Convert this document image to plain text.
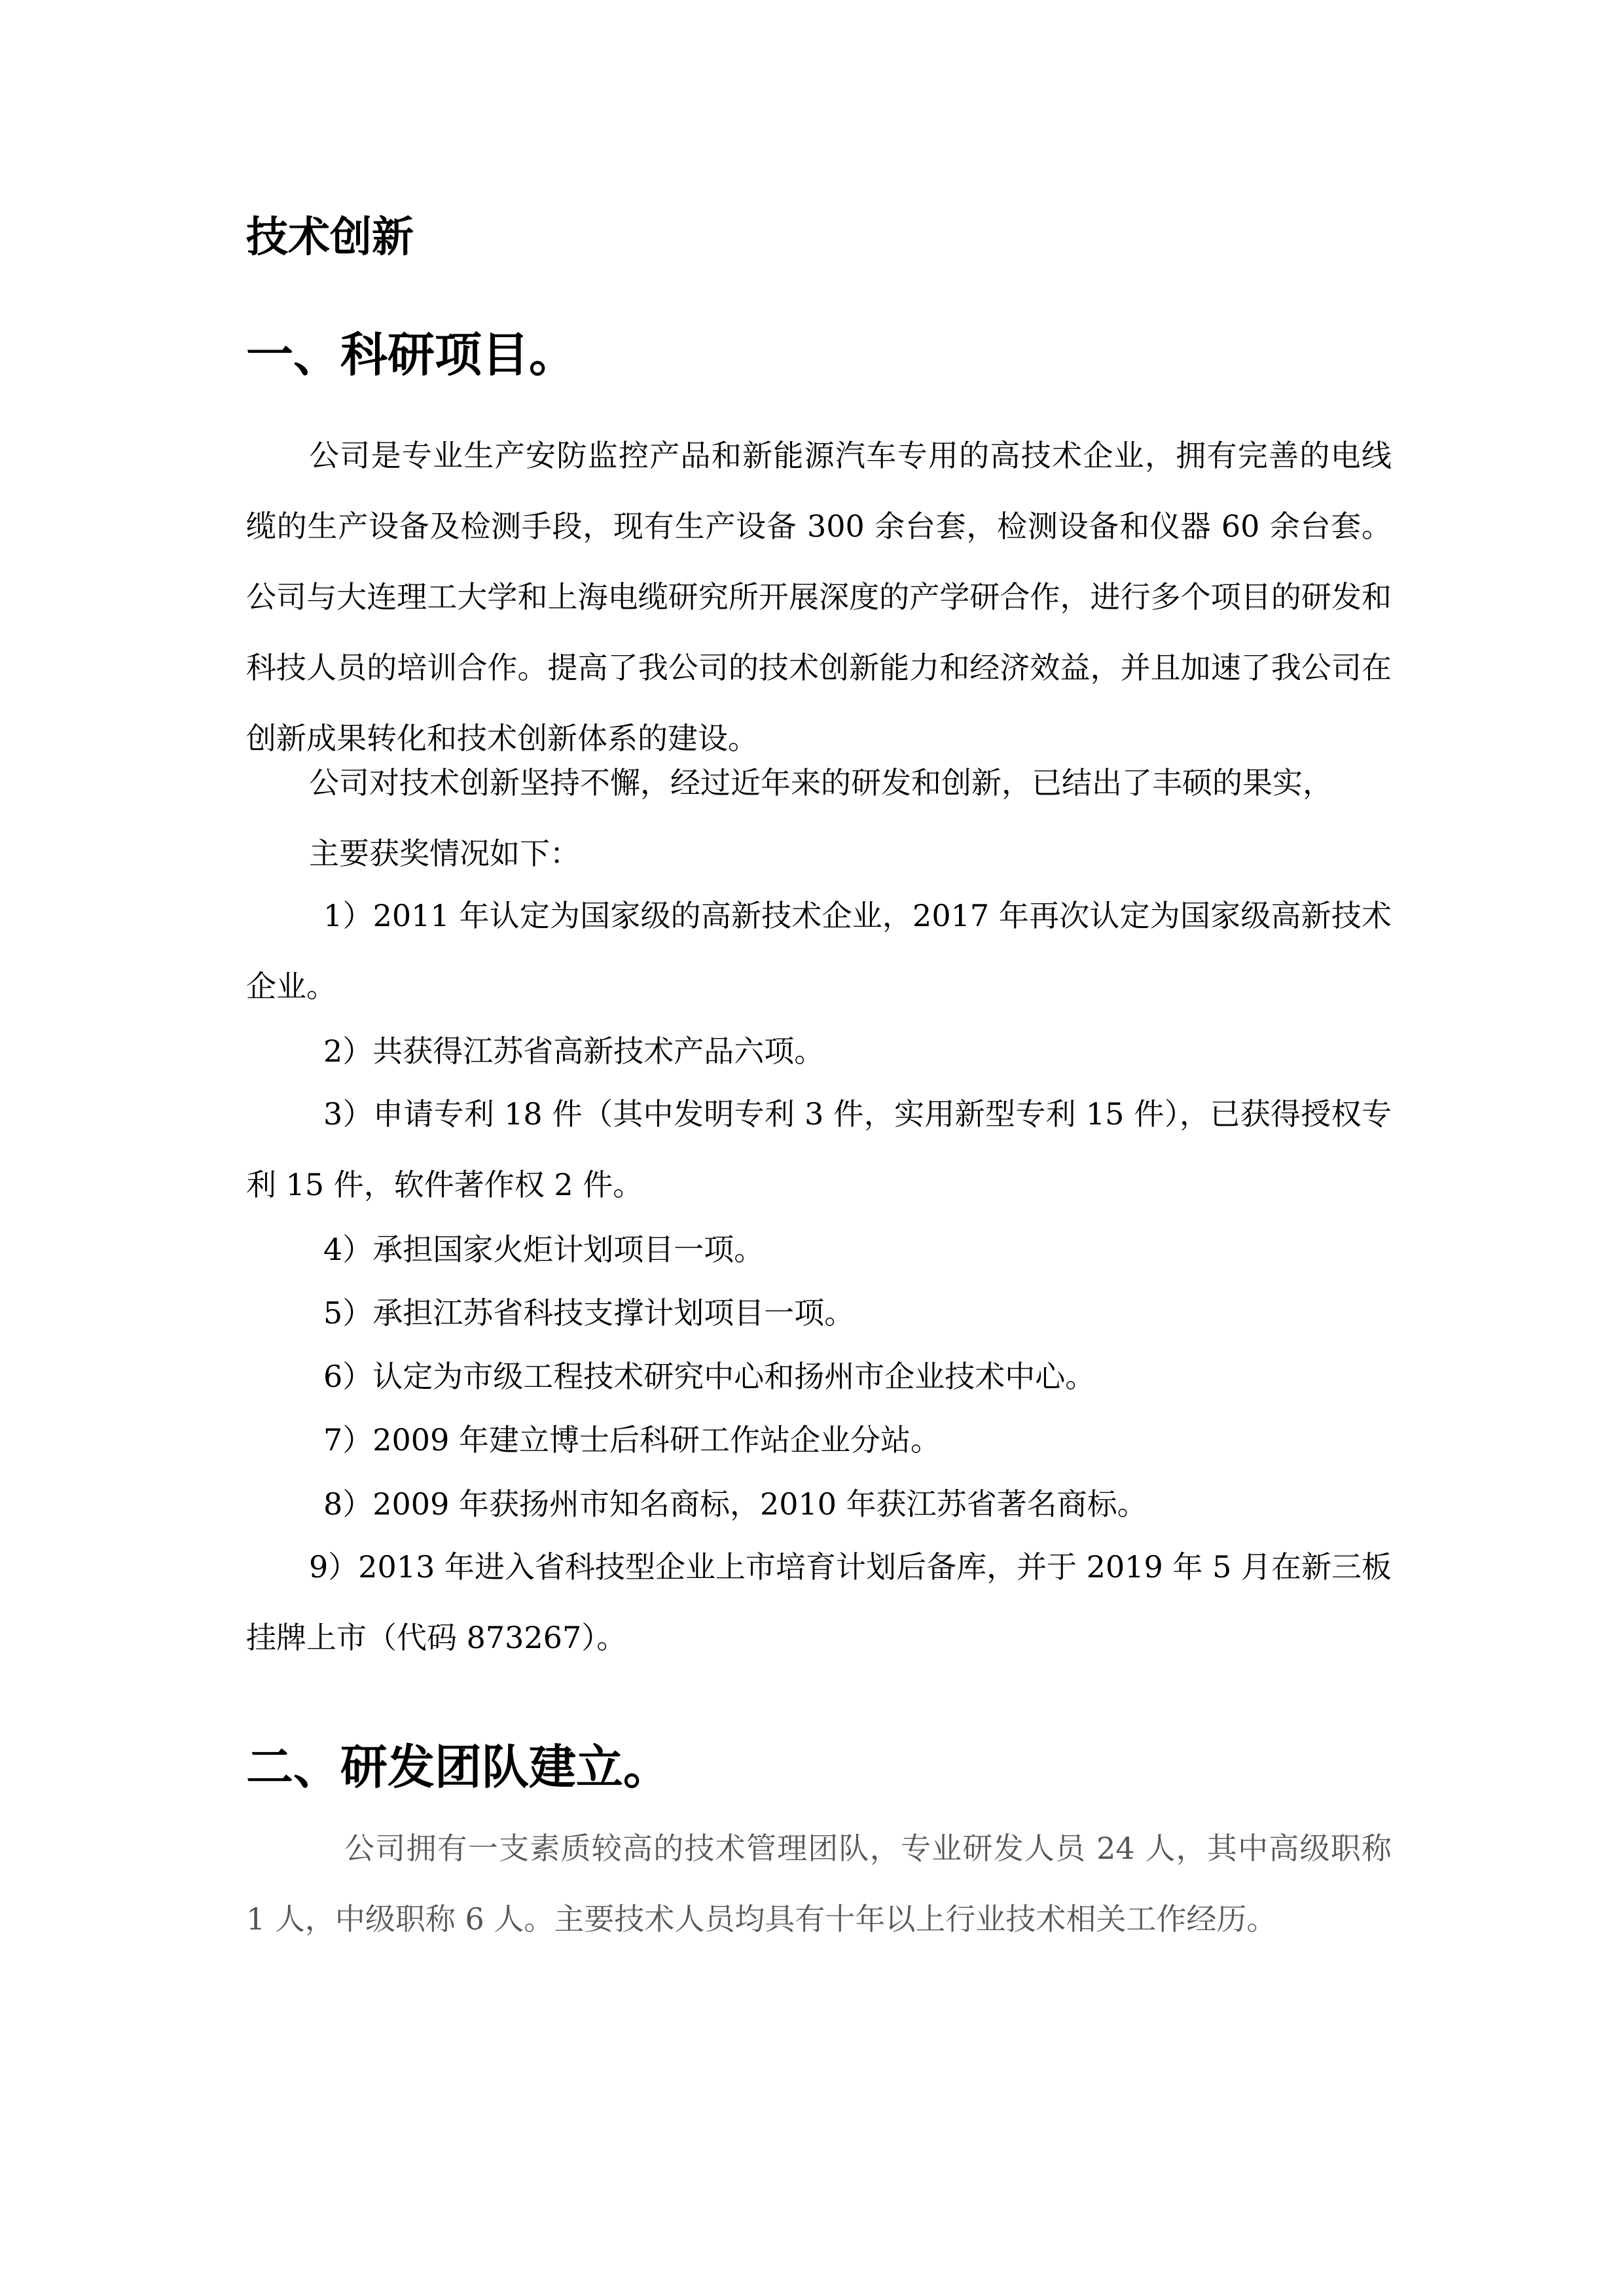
技术创新
一、科研项目。

公司是专业生产安防监控产品和新能源汽车专用的高技术企业，拥有完善的电线缆的生产设备及检测手段，现有生产设备 300 余台套，检测设备和仪器 60 余台套。公司与大连理工大学和上海电缆研究所开展深度的产学研合作，进行多个项目的研发和科技人员的培训合作。提高了我公司的技术创新能力和经济效益，并且加速了我公司在创新成果转化和技术创新体系的建设。

公司对技术创新坚持不懈，经过近年来的研发和创新，已结出了丰硕的果实，

主要获奖情况如下：

1）2011 年认定为国家级的高新技术企业，2017 年再次认定为国家级高新技术企业。

2）共获得江苏省高新技术产品六项。

3）申请专利 18 件（其中发明专利 3 件，实用新型专利 15 件），已获得授权专利 15 件，软件著作权 2 件。

4）承担国家火炬计划项目一项。

5）承担江苏省科技支撑计划项目一项。

6）认定为市级工程技术研究中心和扬州市企业技术中心。

7）2009 年建立博士后科研工作站企业分站。

8）2009 年获扬州市知名商标，2010 年获江苏省著名商标。

9）2013 年进入省科技型企业上市培育计划后备库，并于 2019 年 5 月在新三板挂牌上市（代码 873267）。

二、研发团队建立。

公司拥有一支素质较高的技术管理团队，专业研发人员 24 人，其中高级职称 1 人，中级职称 6 人。主要技术人员均具有十年以上行业技术相关工作经历。
